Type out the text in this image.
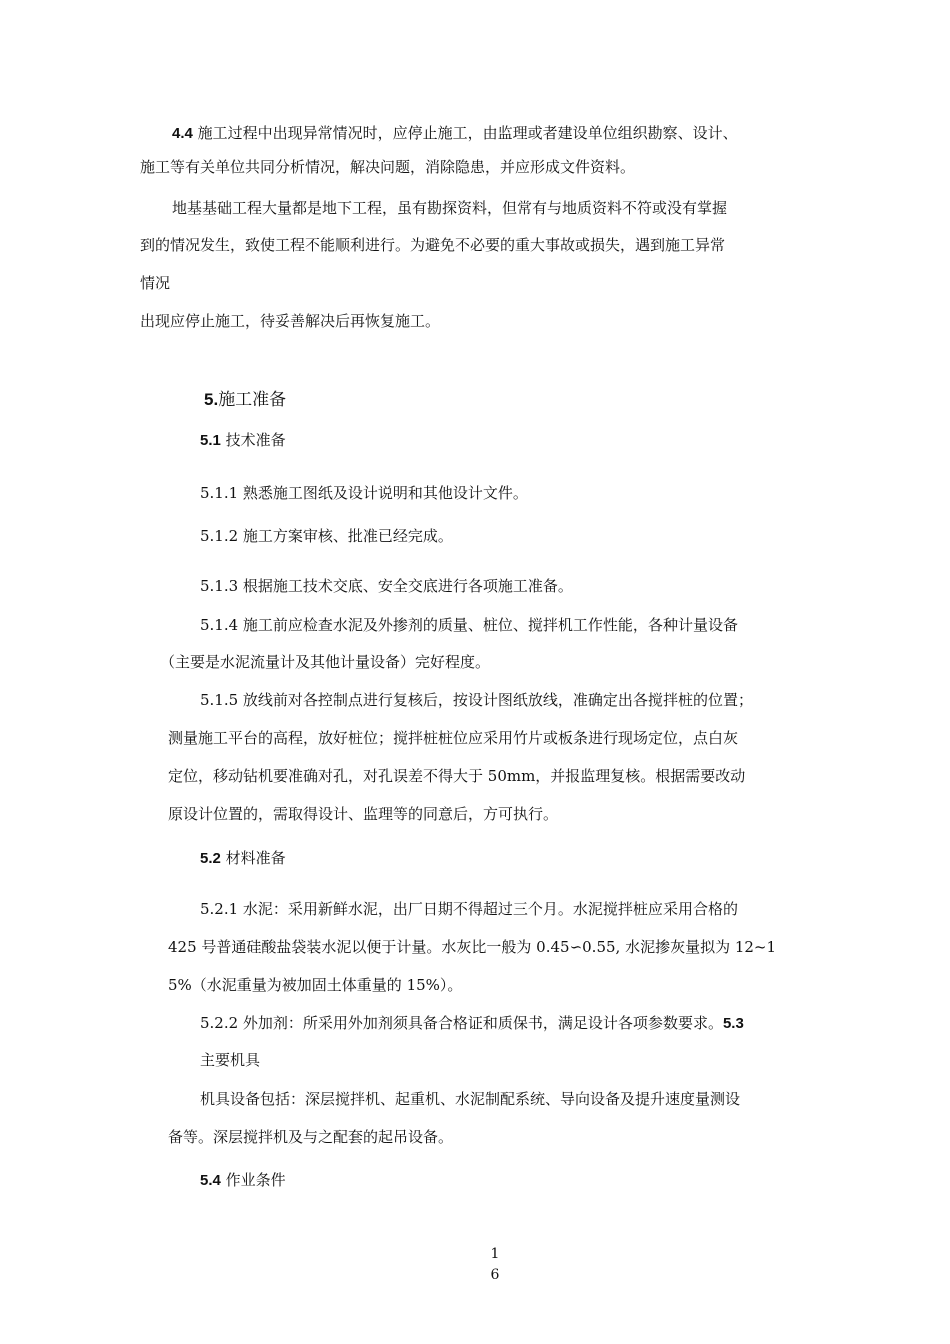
4.4 施工过程中出现异常情况时，应停止施工，由监理或者建设单位组织勘察、设计、
施工等有关单位共同分析情况，解决问题，消除隐患，并应形成文件资料。
地基基础工程大量都是地下工程，虽有勘探资料，但常有与地质资料不符或没有掌握
到的情况发生，致使工程不能顺利进行。为避免不必要的重大事故或损失，遇到施工异常
情况
出现应停止施工，待妥善解决后再恢复施工。
5.施工准备
5.1 技术准备
5.1.1 熟悉施工图纸及设计说明和其他设计文件。
5.1.2 施工方案审核、批准已经完成。
5.1.3 根据施工技术交底、安全交底进行各项施工准备。
5.1.4 施工前应检查水泥及外掺剂的质量、桩位、搅拌机工作性能，各种计量设备
（主要是水泥流量计及其他计量设备）完好程度。
5.1.5 放线前对各控制点进行复核后，按设计图纸放线，准确定出各搅拌桩的位置；
测量施工平台的高程，放好桩位；搅拌桩桩位应采用竹片或板条进行现场定位，点白灰
定位，移动钻机要准确对孔，对孔误差不得大于 50mm，并报监理复核。根据需要改动
原设计位置的，需取得设计、监理等的同意后，方可执行。
5.2 材料准备
5.2.1 水泥：采用新鲜水泥，出厂日期不得超过三个月。水泥搅拌桩应采用合格的
425 号普通硅酸盐袋装水泥以便于计量。水灰比一般为 0.45∽0.55, 水泥掺灰量拟为 12~1
5%（水泥重量为被加固土体重量的 15%）。
5.2.2 外加剂：所采用外加剂须具备合格证和质保书，满足设计各项参数要求。5.3
主要机具
机具设备包括：深层搅拌机、起重机、水泥制配系统、导向设备及提升速度量测设
备等。深层搅拌机及与之配套的起吊设备。
5.4 作业条件
1
6
